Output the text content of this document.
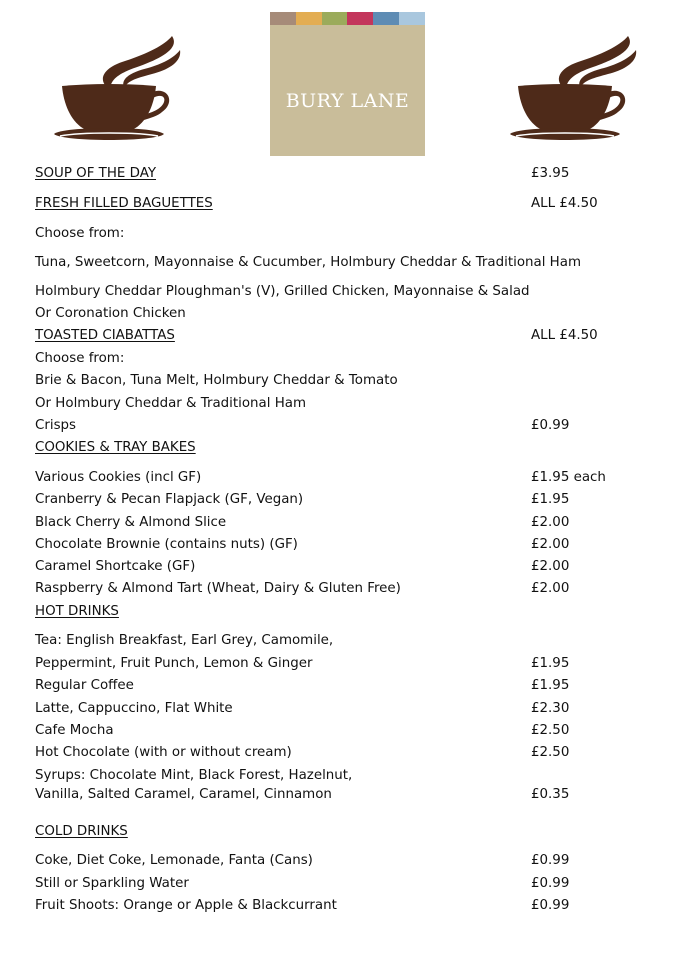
BURY LANE
SOUP OF THE DAY	£3.95
FRESH FILLED BAGUETTES	ALL £4.50
Choose from:
Tuna, Sweetcorn, Mayonnaise & Cucumber, Holmbury Cheddar & Traditional Ham
Holmbury Cheddar Ploughman's (V), Grilled Chicken, Mayonnaise & Salad
Or Coronation Chicken
TOASTED CIABATTAS	ALL £4.50
Choose from:
Brie & Bacon, Tuna Melt, Holmbury Cheddar & Tomato
Or Holmbury Cheddar & Traditional Ham
Crisps	£0.99
COOKIES & TRAY BAKES
Various Cookies (incl GF)	£1.95 each
Cranberry & Pecan Flapjack (GF, Vegan)	£1.95
Black Cherry & Almond Slice	£2.00
Chocolate Brownie (contains nuts) (GF)	£2.00
Caramel Shortcake (GF)	£2.00
Raspberry & Almond Tart (Wheat, Dairy & Gluten Free)	£2.00
HOT DRINKS
Tea: English Breakfast, Earl Grey, Camomile,
Peppermint, Fruit Punch, Lemon & Ginger	£1.95
Regular Coffee	£1.95
Latte, Cappuccino, Flat White	£2.30
Cafe Mocha	£2.50
Hot Chocolate (with or without cream)	£2.50
Syrups: Chocolate Mint, Black Forest, Hazelnut,
Vanilla, Salted Caramel, Caramel, Cinnamon	£0.35
COLD DRINKS
Coke, Diet Coke, Lemonade, Fanta (Cans)	£0.99
Still or Sparkling Water	£0.99
Fruit Shoots: Orange or Apple & Blackcurrant	£0.99
